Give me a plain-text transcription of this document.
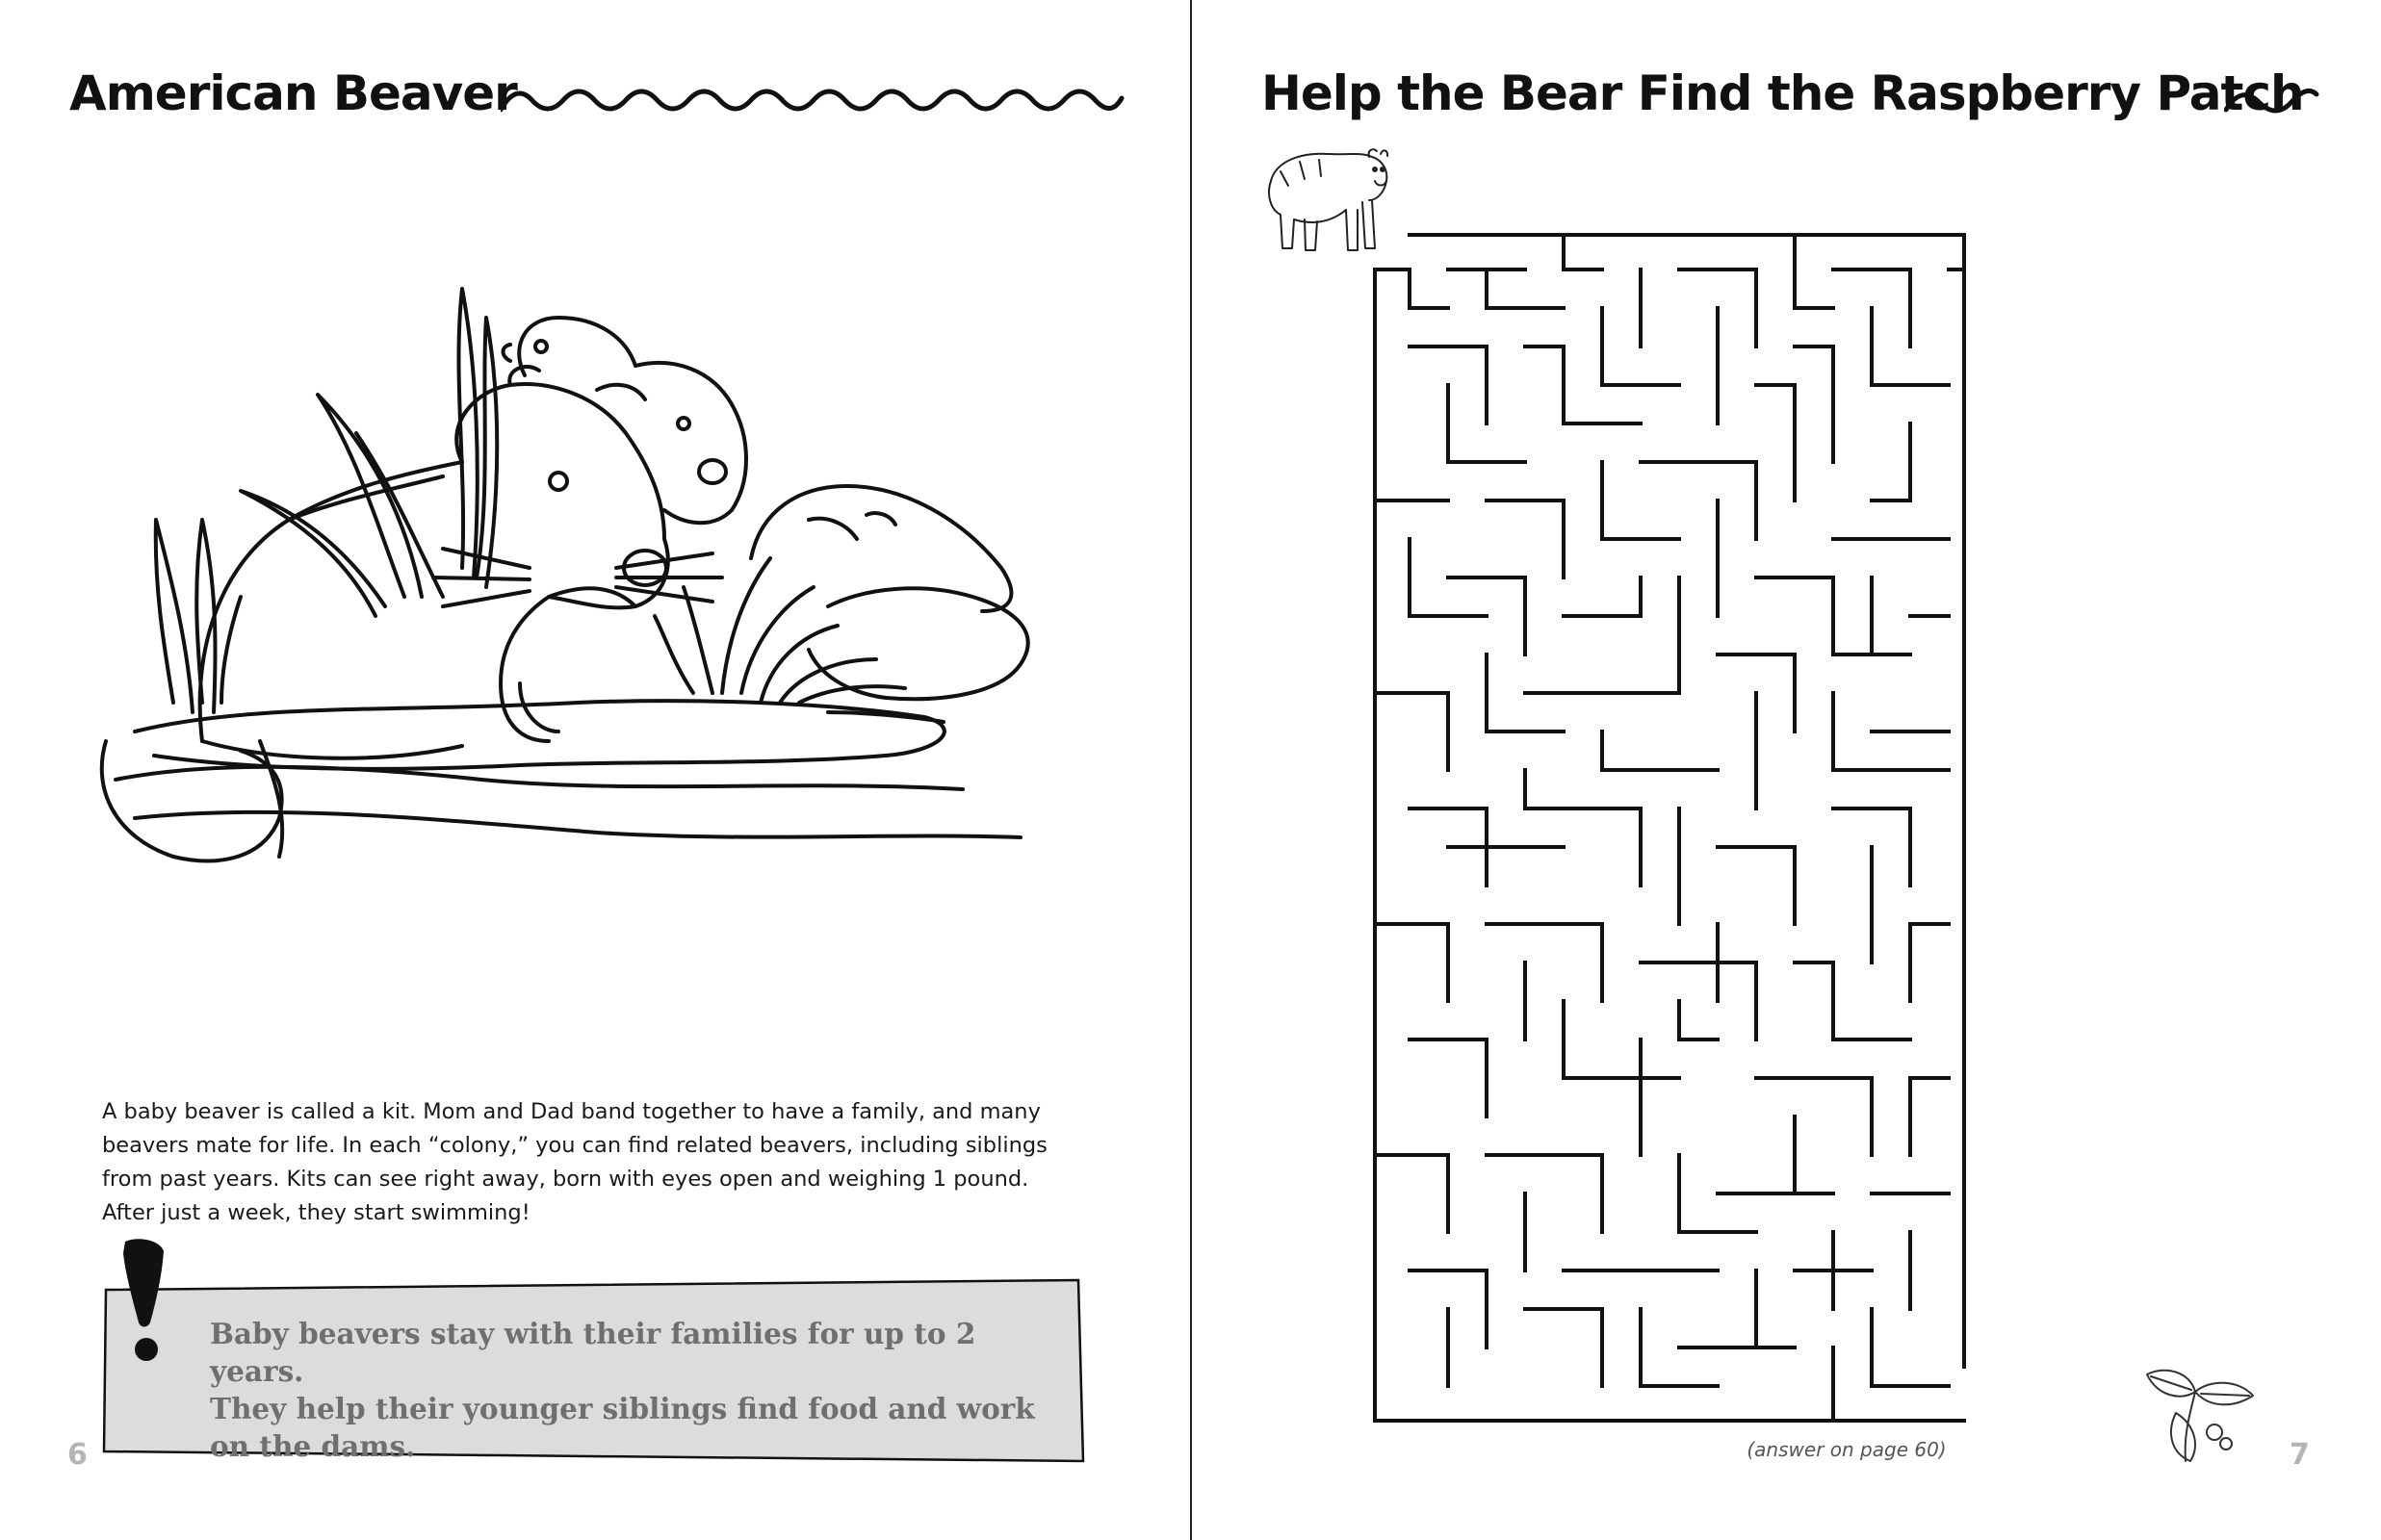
American Beaver

A baby beaver is called a kit. Mom and Dad band together to have a family, and many

beavers mate for life. In each “colony,” you can find related beavers, including siblings

from past years. Kits can see right away, born with eyes open and weighing 1 pound.

After just a week, they start swimming!

Baby beavers stay with their families for up to 2 years.

They help their younger siblings find food and work

on the dams.

6
Help the Bear Find the Raspberry Patch
(answer on page 60)	7
